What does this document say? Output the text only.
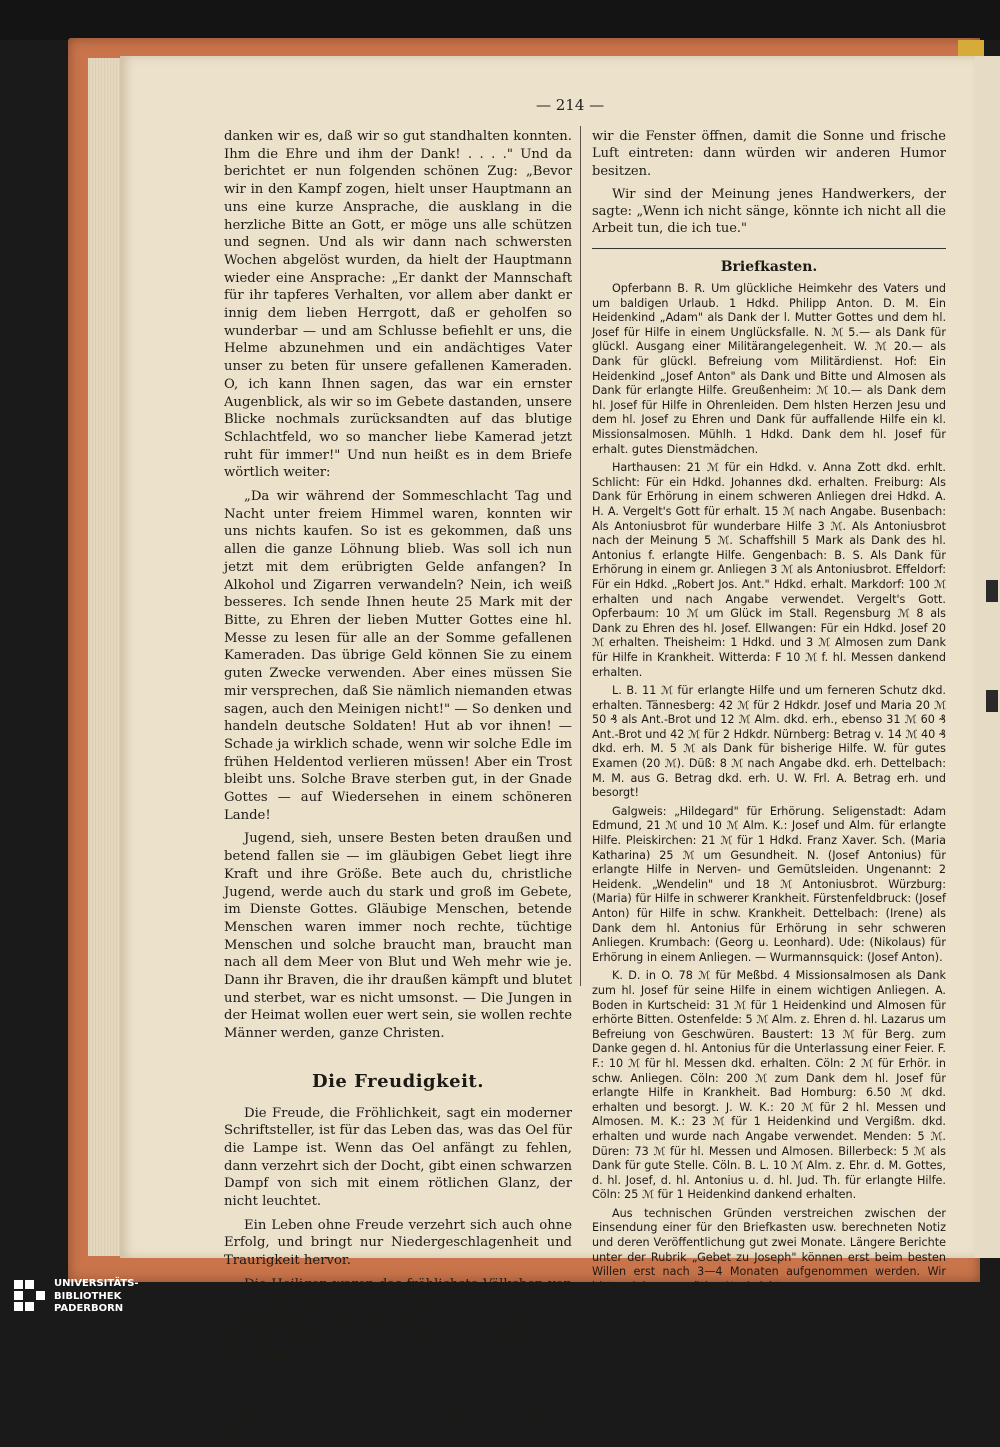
— 214 —

danken wir es, daß wir so gut standhalten konnten. Ihm die Ehre und ihm der Dank! . . . ." Und da berichtet er nun folgenden schönen Zug: „Bevor wir in den Kampf zogen, hielt unser Hauptmann an uns eine kurze Ansprache, die ausklang in die herzliche Bitte an Gott, er möge uns alle schützen und segnen. Und als wir dann nach schwersten Wochen abgelöst wurden, da hielt der Hauptmann wieder eine Ansprache: „Er dankt der Mannschaft für ihr tapferes Verhalten, vor allem aber dankt er innig dem lieben Herrgott, daß er geholfen so wunderbar — und am Schlusse befiehlt er uns, die Helme abzunehmen und ein andächtiges Vater unser zu beten für unsere gefallenen Kameraden. O, ich kann Ihnen sagen, das war ein ernster Augenblick, als wir so im Gebete dastanden, unsere Blicke nochmals zurücksandten auf das blutige Schlachtfeld, wo so mancher liebe Kamerad jetzt ruht für immer!" Und nun heißt es in dem Briefe wörtlich weiter:

„Da wir während der Sommeschlacht Tag und Nacht unter freiem Himmel waren, konnten wir uns nichts kaufen. So ist es gekommen, daß uns allen die ganze Löhnung blieb. Was soll ich nun jetzt mit dem erübrigten Gelde anfangen? In Alkohol und Zigarren verwandeln? Nein, ich weiß besseres. Ich sende Ihnen heute 25 Mark mit der Bitte, zu Ehren der lieben Mutter Gottes eine hl. Messe zu lesen für alle an der Somme gefallenen Kameraden. Das übrige Geld können Sie zu einem guten Zwecke verwenden. Aber eines müssen Sie mir versprechen, daß Sie nämlich niemanden etwas sagen, auch den Meinigen nicht!" — So denken und handeln deutsche Soldaten! Hut ab vor ihnen! — Schade ja wirklich schade, wenn wir solche Edle im frühen Heldentod verlieren müssen! Aber ein Trost bleibt uns. Solche Brave sterben gut, in der Gnade Gottes — auf Wiedersehen in einem schöneren Lande!

Jugend, sieh, unsere Besten beten draußen und betend fallen sie — im gläubigen Gebet liegt ihre Kraft und ihre Größe. Bete auch du, christliche Jugend, werde auch du stark und groß im Gebete, im Dienste Gottes. Gläubige Menschen, betende Menschen waren immer noch rechte, tüchtige Menschen und solche braucht man, braucht man nach all dem Meer von Blut und Weh mehr wie je. Dann ihr Braven, die ihr draußen kämpft und blutet und sterbet, war es nicht umsonst. — Die Jungen in der Heimat wollen euer wert sein, sie wollen rechte Männer werden, ganze Christen.

Die Freudigkeit.

Die Freude, die Fröhlichkeit, sagt ein moderner Schriftsteller, ist für das Leben das, was das Oel für die Lampe ist. Wenn das Oel anfängt zu fehlen, dann verzehrt sich der Docht, gibt einen schwarzen Dampf von sich mit einem rötlichen Glanz, der nicht leuchtet.

Ein Leben ohne Freude verzehrt sich auch ohne Erfolg, und bringt nur Niedergeschlagenheit und Traurigkeit hervor.

Die Heiligen waren das fröhlichste Völkchen von der Welt. Wir aber behandeln Gott wie einen Unbekannten, den man nur von Ferne grüßt . . . und das kaum. Und doch ist er der Quell aller Freudigkeit.

Wenn wir jeden Morgen vermittelst eines vertrauensvollen Gebetes unser Herz Gott öffnen, damit er die Offenheit und Freudigkeit hineingösse, gleichwie

wir die Fenster öffnen, damit die Sonne und frische Luft eintreten: dann würden wir anderen Humor besitzen.

Wir sind der Meinung jenes Handwerkers, der sagte: „Wenn ich nicht sänge, könnte ich nicht all die Arbeit tun, die ich tue."

Briefkasten.

Opferbann B. R. Um glückliche Heimkehr des Vaters und um baldigen Urlaub. 1 Hdkd. Philipp Anton. D. M. Ein Heidenkind „Adam" als Dank der l. Mutter Gottes und dem hl. Josef für Hilfe in einem Unglücksfalle. N. ℳ 5.— als Dank für glückl. Ausgang einer Militärangelegenheit. W. ℳ 20.— als Dank für glückl. Befreiung vom Militärdienst. Hof: Ein Heidenkind „Josef Anton" als Dank und Bitte und Almosen als Dank für erlangte Hilfe. Greußenheim: ℳ 10.— als Dank dem hl. Josef für Hilfe in Ohrenleiden. Dem hlsten Herzen Jesu und dem hl. Josef zu Ehren und Dank für auffallende Hilfe ein kl. Missionsalmosen. Mühlh. 1 Hdkd. Dank dem hl. Josef für erhalt. gutes Dienstmädchen.

Harthausen: 21 ℳ für ein Hdkd. v. Anna Zott dkd. erhlt. Schlicht: Für ein Hdkd. Johannes dkd. erhalten. Freiburg: Als Dank für Erhörung in einem schweren Anliegen drei Hdkd. A. H. A. Vergelt's Gott für erhalt. 15 ℳ nach Angabe. Busenbach: Als Antoniusbrot für wunderbare Hilfe 3 ℳ. Als Antoniusbrot nach der Meinung 5 ℳ. Schaffshill 5 Mark als Dank des hl. Antonius f. erlangte Hilfe. Gengenbach: B. S. Als Dank für Erhörung in einem gr. Anliegen 3 ℳ als Antoniusbrot. Effeldorf: Für ein Hdkd. „Robert Jos. Ant." Hdkd. erhalt. Markdorf: 100 ℳ erhalten und nach Angabe verwendet. Vergelt's Gott. Opferbaum: 10 ℳ um Glück im Stall. Regensburg ℳ 8 als Dank zu Ehren des hl. Josef. Ellwangen: Für ein Hdkd. Josef 20 ℳ erhalten. Theisheim: 1 Hdkd. und 3 ℳ Almosen zum Dank für Hilfe in Krankheit. Witterda: F 10 ℳ f. hl. Messen dankend erhalten.

L. B. 11 ℳ für erlangte Hilfe und um ferneren Schutz dkd. erhalten. Tännesberg: 42 ℳ für 2 Hdkdr. Josef und Maria 20 ℳ 50 ₰ als Ant.-Brot und 12 ℳ Alm. dkd. erh., ebenso 31 ℳ 60 ₰ Ant.-Brot und 42 ℳ für 2 Hdkdr. Nürnberg: Betrag v. 14 ℳ 40 ₰ dkd. erh. M. 5 ℳ als Dank für bisherige Hilfe. W. für gutes Examen (20 ℳ). Düß: 8 ℳ nach Angabe dkd. erh. Dettelbach: M. M. aus G. Betrag dkd. erh. U. W. Frl. A. Betrag erh. und besorgt!

Galgweis: „Hildegard" für Erhörung. Seligenstadt: Adam Edmund, 21 ℳ und 10 ℳ Alm. K.: Josef und Alm. für erlangte Hilfe. Pleiskirchen: 21 ℳ für 1 Hdkd. Franz Xaver. Sch. (Maria Katharina) 25 ℳ um Gesundheit. N. (Josef Antonius) für erlangte Hilfe in Nerven- und Gemütsleiden. Ungenannt: 2 Heidenk. „Wendelin" und 18 ℳ Antoniusbrot. Würzburg: (Maria) für Hilfe in schwerer Krankheit. Fürstenfeldbruck: (Josef Anton) für Hilfe in schw. Krankheit. Dettelbach: (Irene) als Dank dem hl. Antonius für Erhörung in sehr schweren Anliegen. Krumbach: (Georg u. Leonhard). Ude: (Nikolaus) für Erhörung in einem Anliegen. — Wurmannsquick: (Josef Anton).

K. D. in O. 78 ℳ für Meßbd. 4 Missionsalmosen als Dank zum hl. Josef für seine Hilfe in einem wichtigen Anliegen. A. Boden in Kurtscheid: 31 ℳ für 1 Heidenkind und Almosen für erhörte Bitten. Ostenfelde: 5 ℳ Alm. z. Ehren d. hl. Lazarus um Befreiung von Geschwüren. Baustert: 13 ℳ für Berg. zum Danke gegen d. hl. Antonius für die Unterlassung einer Feier. F. F.: 10 ℳ für hl. Messen dkd. erhalten. Cöln: 2 ℳ für Erhör. in schw. Anliegen. Cöln: 200 ℳ zum Dank dem hl. Josef für erlangte Hilfe in Krankheit. Bad Homburg: 6.50 ℳ dkd. erhalten und besorgt. J. W. K.: 20 ℳ für 2 hl. Messen und Almosen. M. K.: 23 ℳ für 1 Heidenkind und Vergißm. dkd. erhalten und wurde nach Angabe verwendet. Menden: 5 ℳ. Düren: 73 ℳ für hl. Messen und Almosen. Billerbeck: 5 ℳ als Dank für gute Stelle. Cöln. B. L. 10 ℳ Alm. z. Ehr. d. M. Gottes, d. hl. Josef, d. hl. Antonius u. d. hl. Jud. Th. für erlangte Hilfe. Cöln: 25 ℳ für 1 Heidenkind dankend erhalten.

Aus technischen Gründen verstreichen zwischen der Einsendung einer für den Briefkasten usw. berechneten Notiz und deren Veröffentlichung gut zwei Monate. Längere Berichte unter der Rubrik „Gebet zu Joseph" können erst beim besten Willen erst nach 3—4 Monaten aufgenommen werden. Wir bitten daher um gütige Nachsicht.

UNIVERSITÄTS-
BIBLIOTHEK
PADERBORN
